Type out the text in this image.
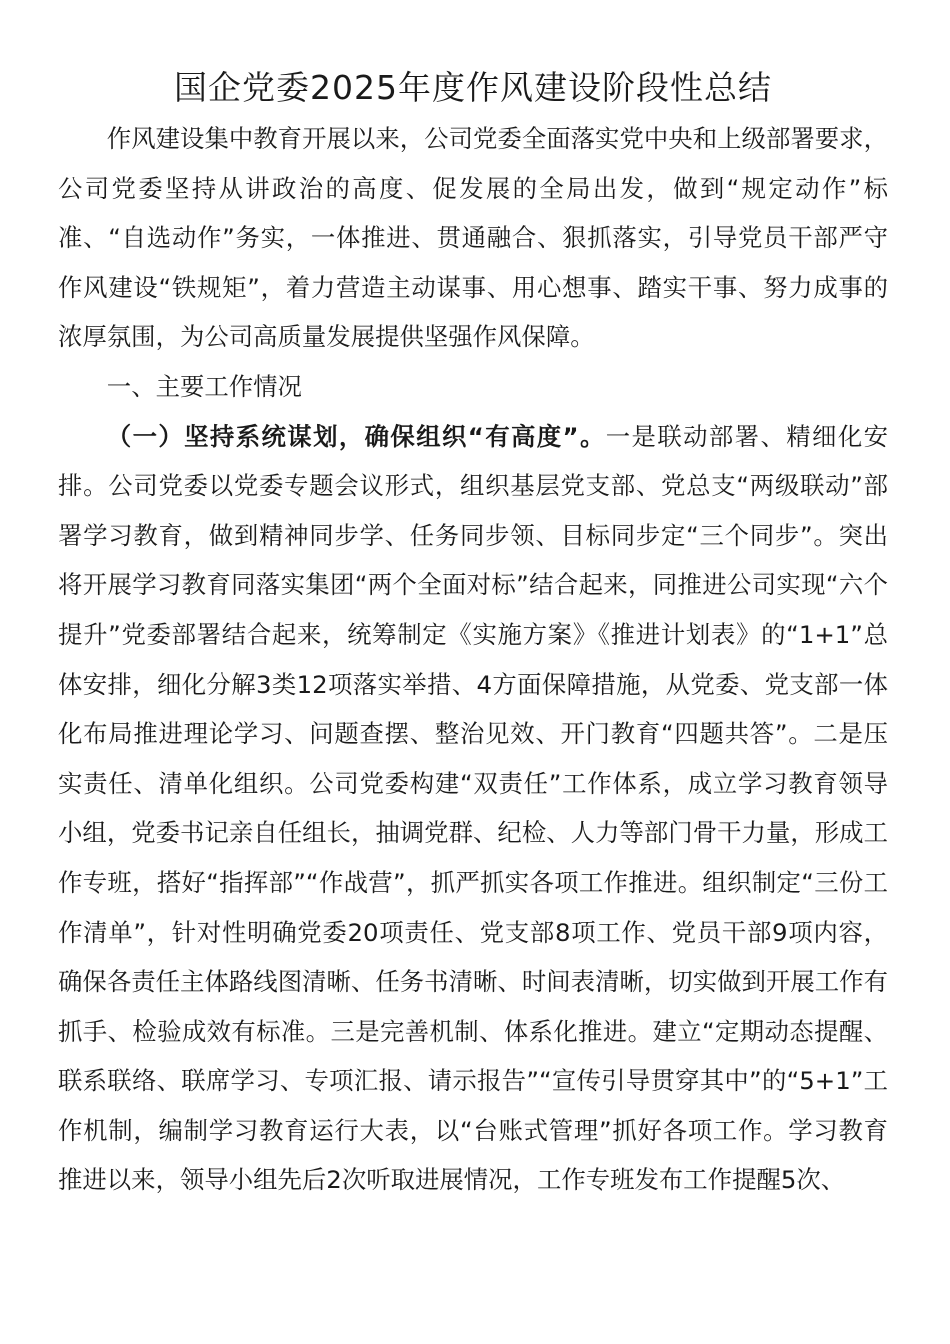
国企党委2025年度作风建设阶段性总结

作风建设集中教育开展以来，公司党委全面落实党中央和上级部署要求，公司党委坚持从讲政治的高度、促发展的全局出发，做到“规定动作”标准、“自选动作”务实，一体推进、贯通融合、狠抓落实，引导党员干部严守作风建设“铁规矩”，着力营造主动谋事、用心想事、踏实干事、努力成事的浓厚氛围，为公司高质量发展提供坚强作风保障。

一、主要工作情况

（一）坚持系统谋划，确保组织“有高度”。一是联动部署、精细化安排。公司党委以党委专题会议形式，组织基层党支部、党总支“两级联动”部署学习教育，做到精神同步学、任务同步领、目标同步定“三个同步”。突出将开展学习教育同落实集团“两个全面对标”结合起来，同推进公司实现“六个提升”党委部署结合起来，统筹制定《实施方案》《推进计划表》的“1+1”总体安排，细化分解3类12项落实举措、4方面保障措施，从党委、党支部一体化布局推进理论学习、问题查摆、整治见效、开门教育“四题共答”。二是压实责任、清单化组织。公司党委构建“双责任”工作体系，成立学习教育领导小组，党委书记亲自任组长，抽调党群、纪检、人力等部门骨干力量，形成工作专班，搭好“指挥部”“作战营”，抓严抓实各项工作推进。组织制定“三份工作清单”，针对性明确党委20项责任、党支部8项工作、党员干部9项内容，确保各责任主体路线图清晰、任务书清晰、时间表清晰，切实做到开展工作有抓手、检验成效有标准。三是完善机制、体系化推进。建立“定期动态提醒、联系联络、联席学习、专项汇报、请示报告”“宣传引导贯穿其中”的“5+1”工作机制，编制学习教育运行大表，以“台账式管理”抓好各项工作。学习教育推进以来，领导小组先后2次听取进展情况，工作专班发布工作提醒5次、
